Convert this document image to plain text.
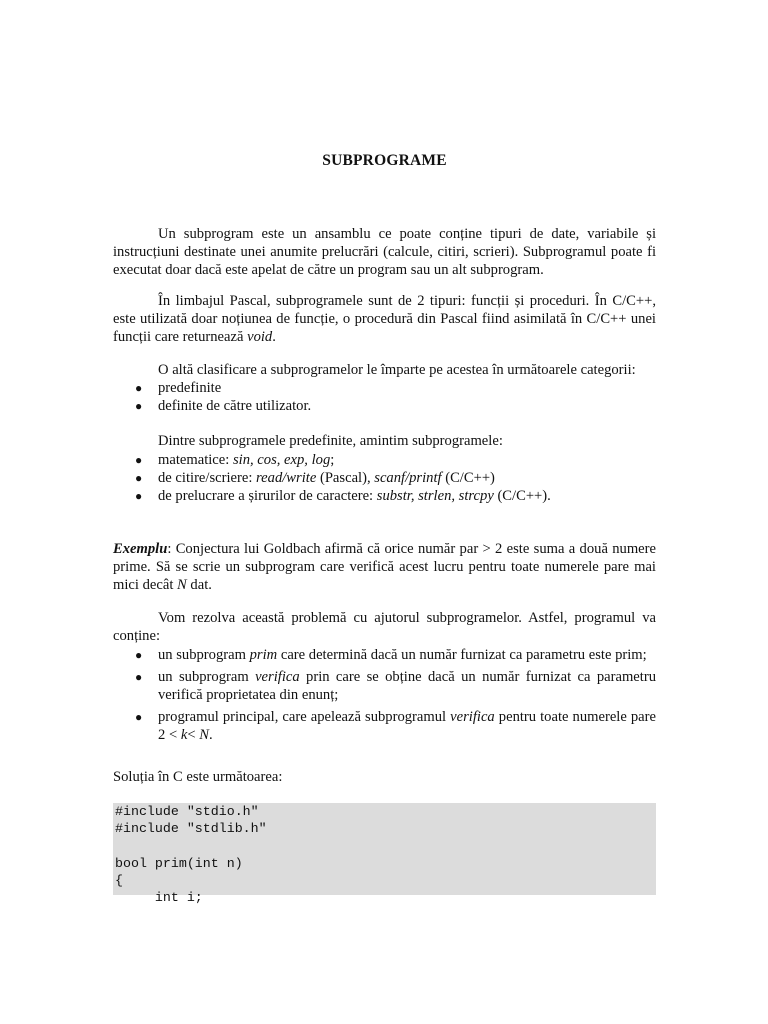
SUBPROGRAME
Un subprogram este un ansamblu ce poate conține tipuri de date, variabile și instrucțiuni destinate unei anumite prelucrări (calcule, citiri, scrieri). Subprogramul poate fi executat doar dacă este apelat de către un program sau un alt subprogram.
În limbajul Pascal, subprogramele sunt de 2 tipuri: funcții și proceduri. În C/C++, este utilizată doar noțiunea de funcție, o procedură din Pascal fiind asimilată în C/C++ unei funcții care returnează void.
O altă clasificare a subprogramelor le împarte pe acestea în următoarele categorii:
● predefinite
● definite de către utilizator.
Dintre subprogramele predefinite, amintim subprogramele:
● matematice: sin, cos, exp, log;
● de citire/scriere: read/write (Pascal), scanf/printf (C/C++)
● de prelucrare a șirurilor de caractere: substr, strlen, strcpy (C/C++).
Exemplu: Conjectura lui Goldbach afirmă că orice număr par > 2 este suma a două numere prime. Să se scrie un subprogram care verifică acest lucru pentru toate numerele pare mai mici decât N dat.
Vom rezolva această problemă cu ajutorul subprogramelor. Astfel, programul va conține:
● un subprogram prim care determină dacă un număr furnizat ca parametru este prim;
● un subprogram verifica prin care se obține dacă un număr furnizat ca parametru verifică proprietatea din enunț;
● programul principal, care apelează subprogramul verifica pentru toate numerele pare 2 < k< N.
Soluția în C este următoarea:
#include "stdio.h"
#include "stdlib.h"

bool prim(int n)
{
int i;
